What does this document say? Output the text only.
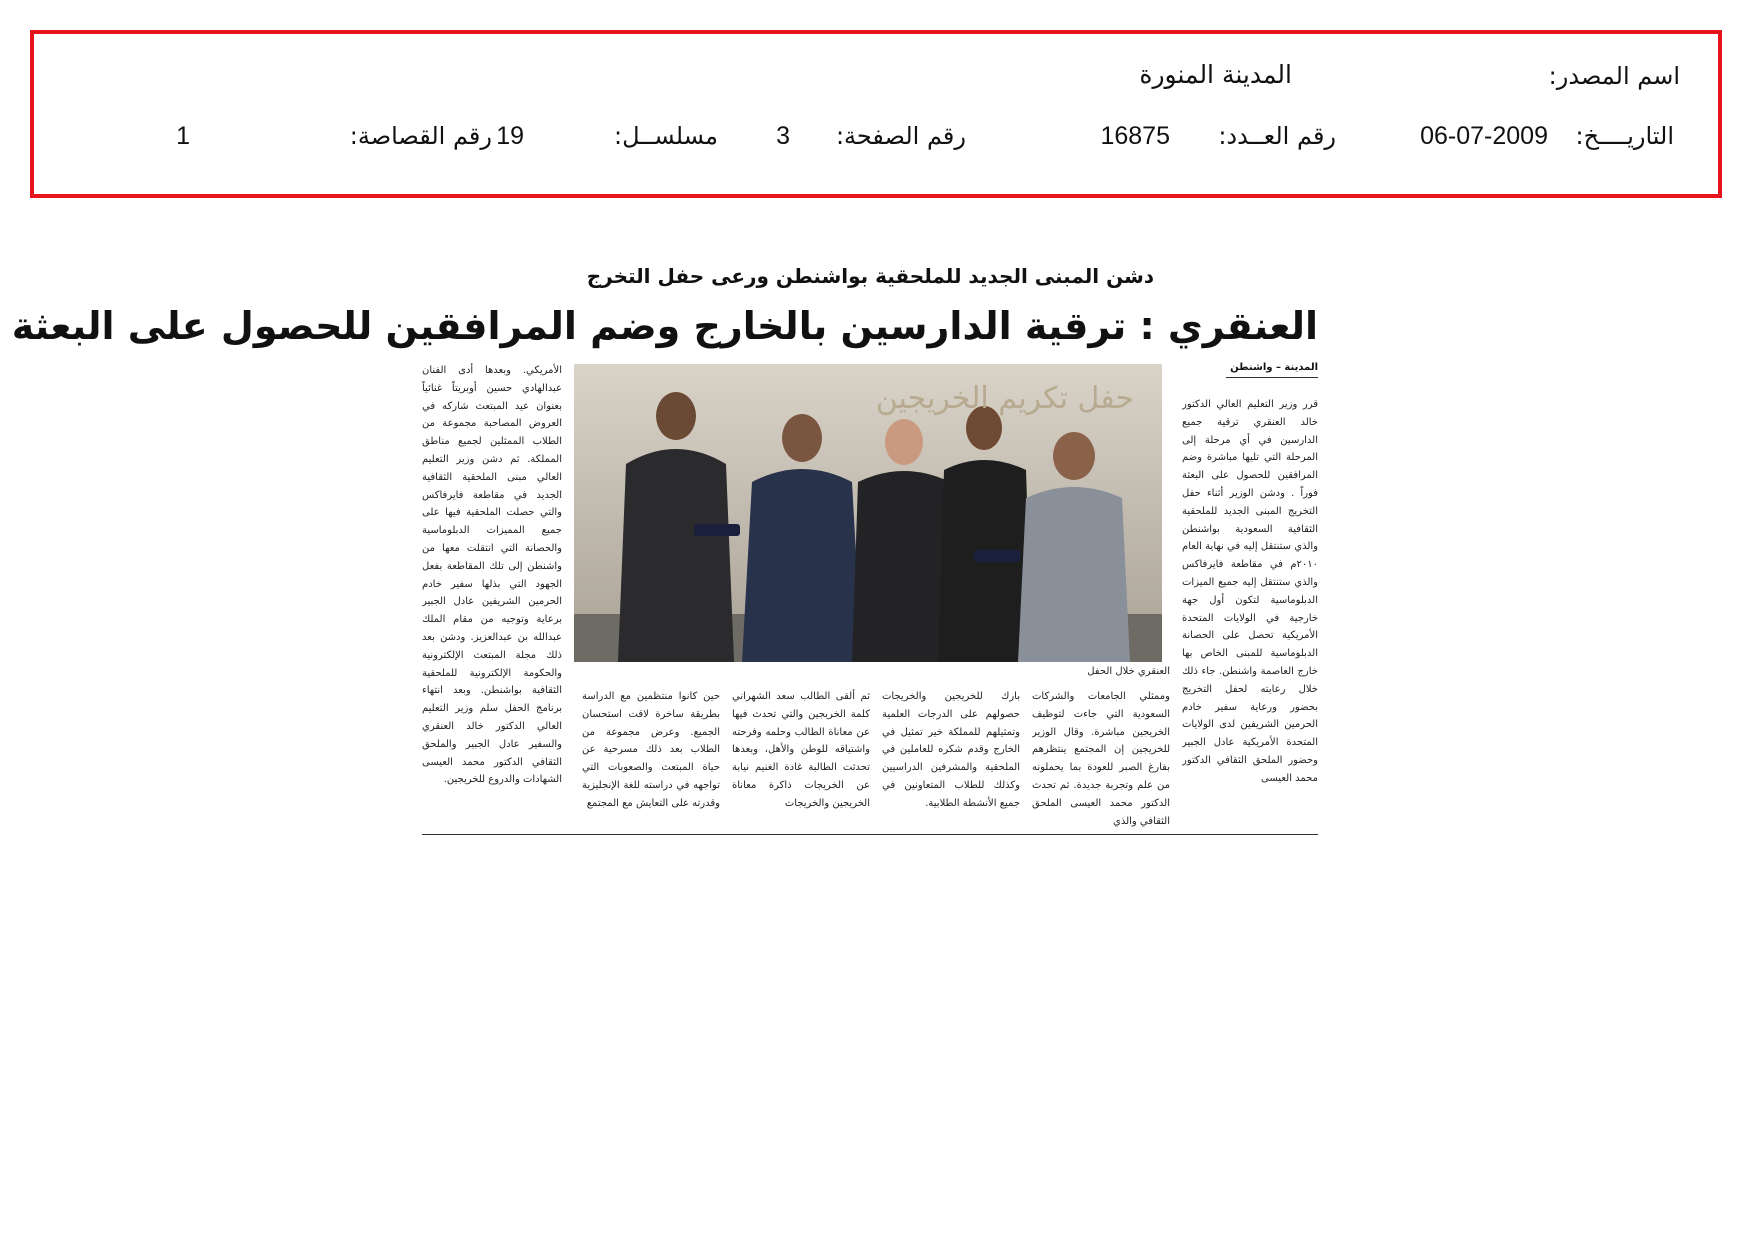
اسم المصدر:
المدينة المنورة
التاريــــخ:
06-07-2009
رقم العــدد:
16875
رقم الصفحة:
3
مسلســل:
19
رقم القصاصة:
1
دشن المبنى الجديد للملحقية بواشنطن ورعى حفل التخرج
العنقري : ترقية الدارسين بالخارج وضم المرافقين للحصول على البعثة
المدينة – واشنطن
قرر وزير التعليم العالي الدكتور خالد العنقري ترقية جميع الدارسين في أي مرحلة إلى المرحلة التي تليها مباشرة وضم المرافقين للحصول على البعثة فوراً . ودشن الوزير أثناء حفل التخريج المبنى الجديد للملحقية الثقافية السعودية بواشنطن والذي ستنتقل إليه في نهاية العام ٢٠١٠م في مقاطعة فايرفاكس والذي ستنتقل إليه جميع الميزات الدبلوماسية لتكون أول جهة خارجية في الولايات المتحدة الأمريكية تحصل على الحصانة الدبلوماسية للمبنى الخاص بها خارج العاصمة واشنطن. جاء ذلك خلال رعايته لحفل التخريج بحضور ورعاية سفير خادم الحرمين الشريفين لدى الولايات المتحدة الأمريكية عادل الجبير وحضور الملحق الثقافي الدكتور محمد العيسى
حفل تكريم الخريجين
العنقري خلال الحفل
وممثلي الجامعات والشركات السعودية التي جاءت لتوظيف الخريجين مباشرة. وقال الوزير للخريجين إن المجتمع ينتظرهم بفارغ الصبر للعودة بما يحملونه من علم وتجربة جديدة. ثم تحدث الدكتور محمد العيسى الملحق الثقافي والذي
بارك للخريجين والخريجات حصولهم على الدرجات العلمية وتمثيلهم للمملكة خير تمثيل في الخارج وقدم شكره للعاملين في الملحقية والمشرفين الدراسيين وكذلك للطلاب المتعاونين في جميع الأنشطة الطلابية.
ثم ألقى الطالب سعد الشهراني كلمة الخريجين والتي تحدث فيها عن معاناة الطالب وحلمه وفرحته واشتياقه للوطن والأهل، وبعدها تحدثت الطالبة غادة الغنيم نيابة عن الخريجات ذاكرة معاناة الخريجين والخريجات
حين كانوا منتظمين مع الدراسة بطريقة ساخرة لاقت استحسان الجميع. وعرض مجموعة من الطلاب بعد ذلك مسرحية عن حياة المبتعث والصعوبات التي تواجهه في دراسته للغة الإنجليزية وقدرته على التعايش مع المجتمع
الأمريكي. وبعدها أدى الفنان عبدالهادي حسين أوبريتاً غنائياً بعنوان عيد المبتعث شاركه في العروض المصاحبة مجموعة من الطلاب الممثلين لجميع مناطق المملكة. ثم دشن وزير التعليم العالي مبنى الملحقية الثقافية الجديد في مقاطعة فايرفاكس والتي حصلت الملحقية فيها على جميع المميزات الدبلوماسية والحصانة التي انتقلت معها من واشنطن إلى تلك المقاطعة بفعل الجهود التي بذلها سفير خادم الحرمين الشريفين عادل الجبير برعاية وتوجيه من مقام الملك عبدالله بن عبدالعزيز. ودشن بعد ذلك مجلة المبتعث الإلكترونية والحكومة الإلكترونية للملحقية الثقافية بواشنطن. وبعد انتهاء برنامج الحفل سلم وزير التعليم العالي الدكتور خالد العنقري والسفير عادل الجبير والملحق الثقافي الدكتور محمد العيسى الشهادات والدروع للخريجين.
